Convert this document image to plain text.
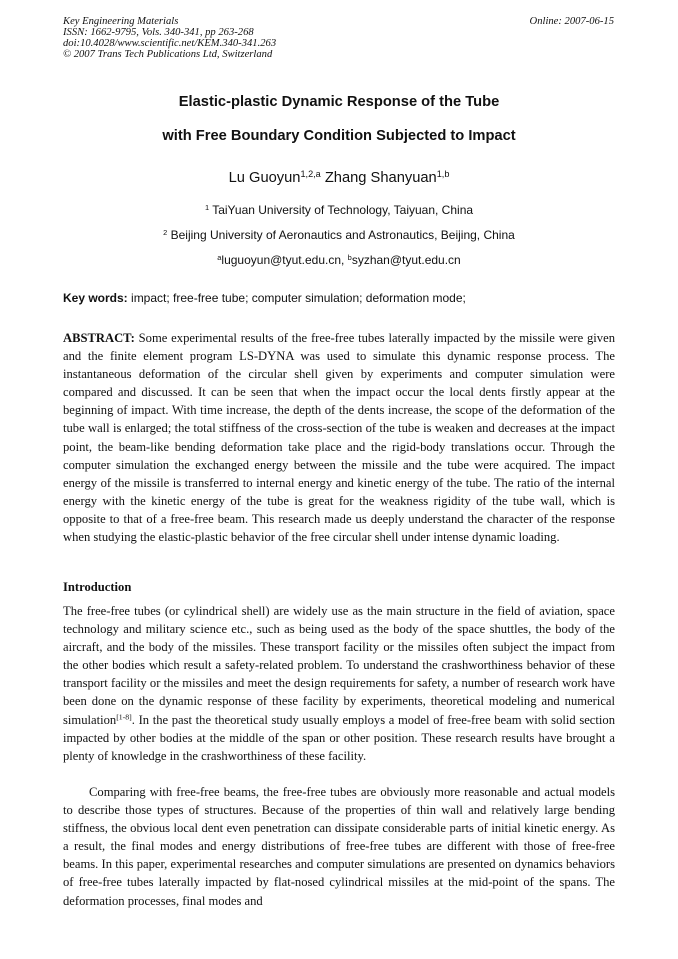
Key Engineering Materials
ISSN: 1662-9795, Vols. 340-341, pp 263-268
doi:10.4028/www.scientific.net/KEM.340-341.263
© 2007 Trans Tech Publications Ltd, Switzerland
Online: 2007-06-15
Elastic-plastic Dynamic Response of the Tube
with Free Boundary Condition Subjected to Impact
Lu Guoyun$^{1,2,a}$ Zhang Shanyuan$^{1,b}$
$^1$ TaiYuan University of Technology, Taiyuan, China
$^2$ Beijing University of Aeronautics and Astronautics, Beijing, China
$^a$luguoyun@tyut.edu.cn, $^b$syzhan@tyut.edu.cn
Key words: impact; free-free tube; computer simulation; deformation mode;
ABSTRACT: Some experimental results of the free-free tubes laterally impacted by the missile were given and the finite element program LS-DYNA was used to simulate this dynamic response process. The instantaneous deformation of the circular shell given by experiments and computer simulation were compared and discussed. It can be seen that when the impact occur the local dents firstly appear at the beginning of impact. With time increase, the depth of the dents increase, the scope of the deformation of the tube wall is enlarged; the total stiffness of the cross-section of the tube is weaken and decreases at the impact point, the beam-like bending deformation take place and the rigid-body translations occur. Through the computer simulation the exchanged energy between the missile and the tube were acquired. The impact energy of the missile is transferred to internal energy and kinetic energy of the tube. The ratio of the internal energy with the kinetic energy of the tube is great for the weakness rigidity of the tube wall, which is opposite to that of a free-free beam. This research made us deeply understand the character of the response when studying the elastic-plastic behavior of the free circular shell under intense dynamic loading.
Introduction
The free-free tubes (or cylindrical shell) are widely use as the main structure in the field of aviation, space technology and military science etc., such as being used as the body of the space shuttles, the body of the aircraft, and the body of the missiles. These transport facility or the missiles often subject the impact from the other bodies which result a safety-related problem. To understand the crashworthiness behavior of these transport facility or the missiles and meet the design requirements for safety, a number of research work have been done on the dynamic response of these facility by experiments, theoretical modeling and numerical simulation[1-8]. In the past the theoretical study usually employs a model of free-free beam with solid section impacted by other bodies at the middle of the span or other position. These research results have brought a plenty of knowledge in the crashworthiness of these facility.
Comparing with free-free beams, the free-free tubes are obviously more reasonable and actual models to describe those types of structures. Because of the properties of thin wall and relatively large bending stiffness, the obvious local dent even penetration can dissipate considerable parts of initial kinetic energy. As a result, the final modes and energy distributions of free-free tubes are different with those of free-free beams. In this paper, experimental researches and computer simulations are presented on dynamics behaviors of free-free tubes laterally impacted by flat-nosed cylindrical missiles at the mid-point of the spans. The deformation processes, final modes and
